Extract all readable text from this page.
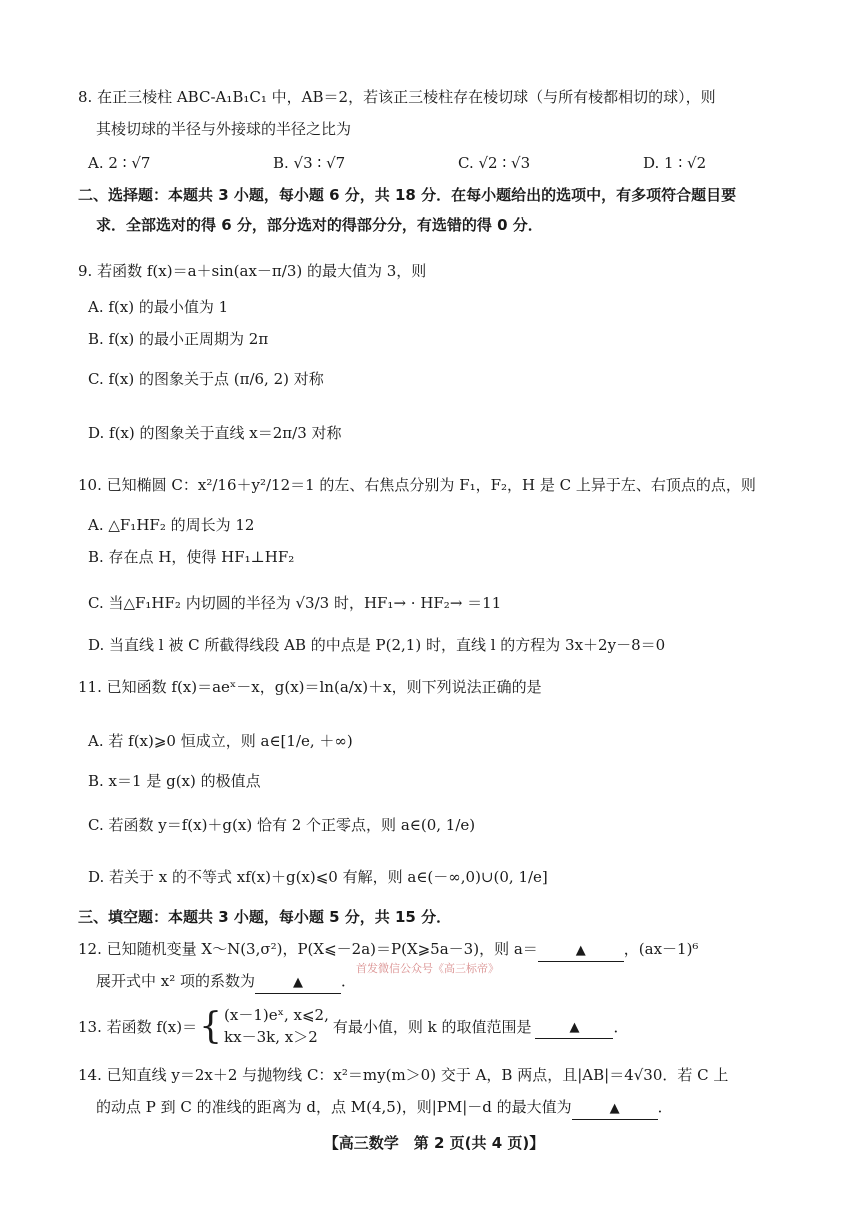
8. 在正三棱柱 ABC-A₁B₁C₁ 中，AB＝2，若该正三棱柱存在棱切球（与所有棱都相切的球），则
其棱切球的半径与外接球的半径之比为
A. 2 ∶ √7	B. √3 ∶ √7	C. √2 ∶ √3	D. 1 ∶ √2
二、选择题：本题共 3 小题，每小题 6 分，共 18 分．在每小题给出的选项中，有多项符合题目要
求．全部选对的得 6 分，部分选对的得部分分，有选错的得 0 分．
9. 若函数 f(x)＝a＋sin(ax－π/3) 的最大值为 3，则
A. f(x) 的最小值为 1
B. f(x) 的最小正周期为 2π
C. f(x) 的图象关于点 (π/6, 2) 对称
D. f(x) 的图象关于直线 x＝2π/3 对称
10. 已知椭圆 C：x²/16＋y²/12＝1 的左、右焦点分别为 F₁，F₂，H 是 C 上异于左、右顶点的点，则
A. △F₁HF₂ 的周长为 12
B. 存在点 H，使得 HF₁⊥HF₂
C. 当△F₁HF₂ 内切圆的半径为 √3/3 时，HF₁→ · HF₂→ ＝11
D. 当直线 l 被 C 所截得线段 AB 的中点是 P(2,1) 时，直线 l 的方程为 3x＋2y－8＝0
11. 已知函数 f(x)＝aeˣ－x，g(x)＝ln(a/x)＋x，则下列说法正确的是
A. 若 f(x)⩾0 恒成立，则 a∈[1/e, ＋∞)
B. x＝1 是 g(x) 的极值点
C. 若函数 y＝f(x)＋g(x) 恰有 2 个正零点，则 a∈(0, 1/e)
D. 若关于 x 的不等式 xf(x)＋g(x)⩽0 有解，则 a∈(－∞,0)∪(0, 1/e]
三、填空题：本题共 3 小题，每小题 5 分，共 15 分．
12. 已知随机变量 X～N(3,σ²)，P(X⩽－2a)＝P(X⩾5a－3)，则 a＝	▲	，(ax－1)⁶
展开式中 x² 项的系数为	▲	．
首发微信公众号《高三标帝》
13. 若函数 f(x)＝ { (x－1)eˣ, x⩽2,
kx－3k, x＞2
有最小值，则 k 的取值范围是	▲	．
14. 已知直线 y＝2x＋2 与抛物线 C：x²＝my(m＞0) 交于 A，B 两点，且|AB|＝4√30．若 C 上
的动点 P 到 C 的准线的距离为 d，点 M(4,5)，则|PM|－d 的最大值为	▲	．
【高三数学　第 2 页(共 4 页)】
